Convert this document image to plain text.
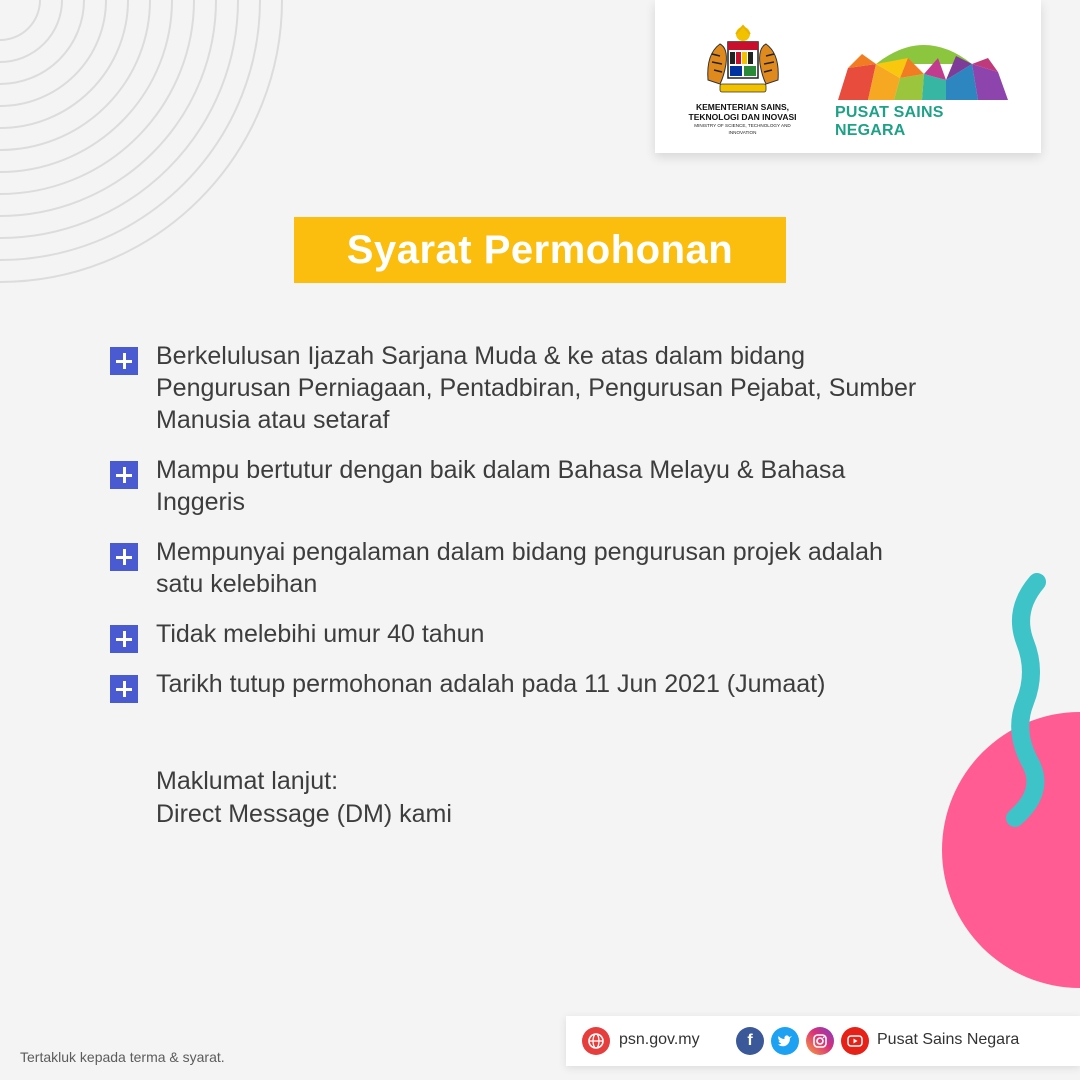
KEMENTERIAN SAINS,
TEKNOLOGI DAN INOVASI
MINISTRY OF SCIENCE, TECHNOLOGY AND INNOVATION
PUSAT SAINS NEGARA
Syarat Permohonan
Berkelulusan Ijazah Sarjana Muda & ke atas dalam bidang Pengurusan Perniagaan, Pentadbiran, Pengurusan Pejabat, Sumber Manusia atau setaraf
Mampu bertutur dengan baik dalam Bahasa Melayu & Bahasa Inggeris
Mempunyai pengalaman dalam bidang pengurusan projek adalah satu kelebihan
Tidak melebihi umur 40 tahun
Tarikh tutup permohonan adalah pada 11 Jun 2021 (Jumaat)
Maklumat lanjut:
Direct Message (DM) kami
Tertakluk kepada terma & syarat.
psn.gov.my	f	Pusat Sains Negara
